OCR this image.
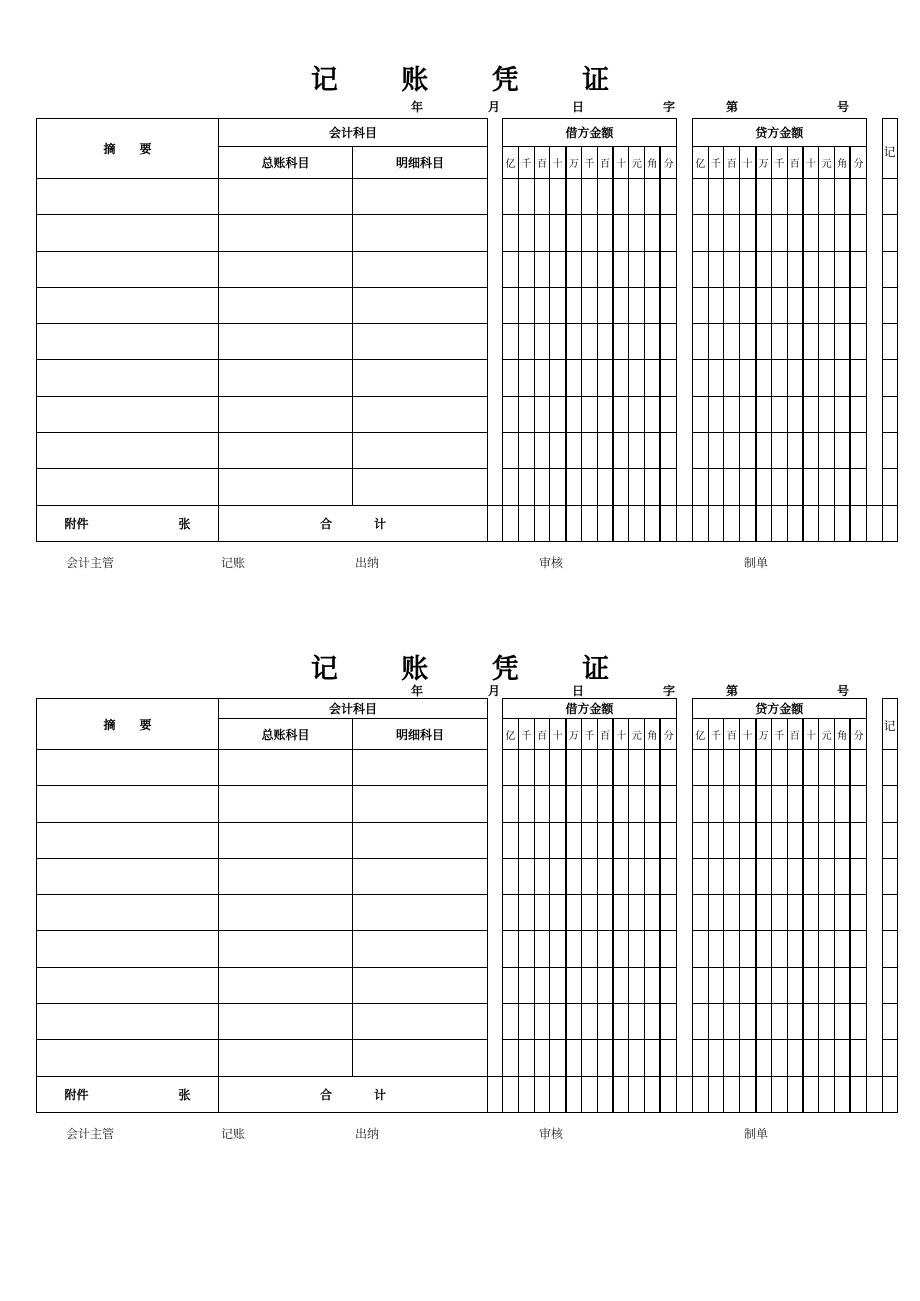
记 账 凭 证
年	月	日	字	第	号
摘 要	会计科目			借方金额												贷方金额												记
	总账科目	明细科目		亿	千	百	十	万	千	百	十	元	角	分		亿	千	百	十	万	千	百	十	元	角	分		

附件 张	合 计																											
会计主管	记账	出纳	审核	制单
记 账 凭 证
年	月	日	字	第	号
摘 要	会计科目			借方金额												贷方金额												记
	总账科目	明细科目		亿	千	百	十	万	千	百	十	元	角	分		亿	千	百	十	万	千	百	十	元	角	分		

附件 张	合 计																											
会计主管	记账	出纳	审核	制单
